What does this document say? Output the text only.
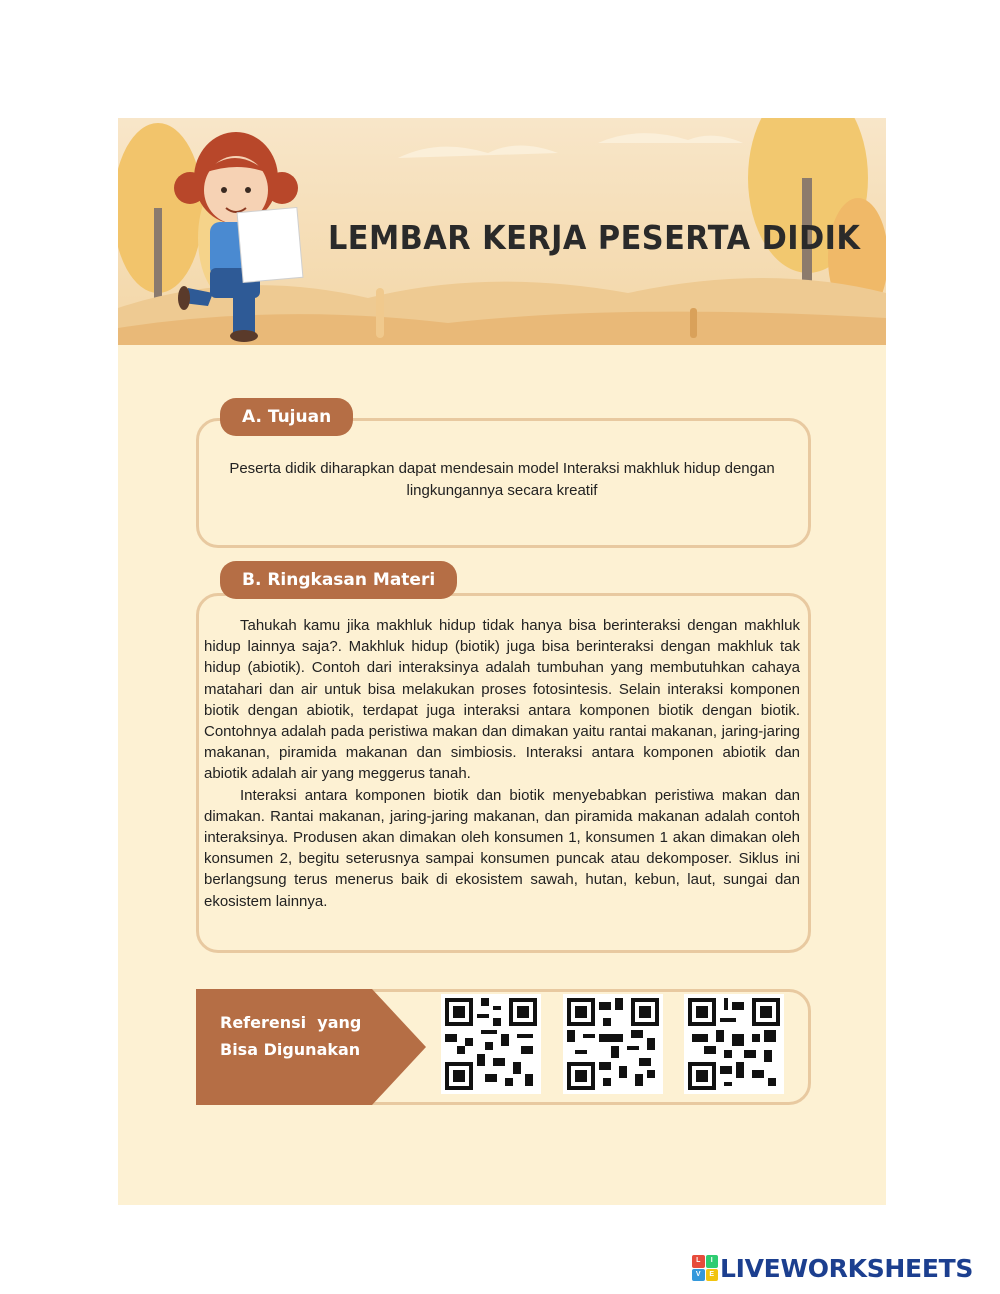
LEMBAR KERJA PESERTA DIDIK
A. Tujuan
Peserta didik diharapkan dapat mendesain model Interaksi makhluk hidup dengan lingkungannya secara kreatif
B. Ringkasan Materi

Tahukah kamu jika makhluk hidup tidak hanya bisa berinteraksi dengan makhluk hidup lainnya saja?. Makhluk hidup (biotik) juga bisa berinteraksi dengan makhluk tak hidup (abiotik). Contoh dari interaksinya adalah tumbuhan yang membutuhkan cahaya matahari dan air untuk bisa melakukan proses fotosintesis. Selain interaksi komponen biotik dengan abiotik, terdapat juga interaksi antara komponen biotik dengan biotik. Contohnya adalah pada peristiwa makan dan dimakan yaitu rantai makanan, jaring-jaring makanan, piramida makanan dan simbiosis. Interaksi antara komponen abiotik dan abiotik adalah air yang meggerus tanah.

Interaksi antara komponen biotik dan biotik menyebabkan peristiwa makan dan dimakan. Rantai makanan, jaring-jaring makanan, dan piramida makanan adalah contoh interaksinya. Produsen akan dimakan oleh konsumen 1, konsumen 1 akan dimakan oleh konsumen 2, begitu seterusnya sampai konsumen puncak atau dekomposer. Siklus ini berlangsung terus menerus baik di ekosistem sawah, hutan, kebun, laut, sungai dan ekosistem lainnya.

Referensi  yang
Bisa Digunakan
L	I
V	E LIVEWORKSHEETS
